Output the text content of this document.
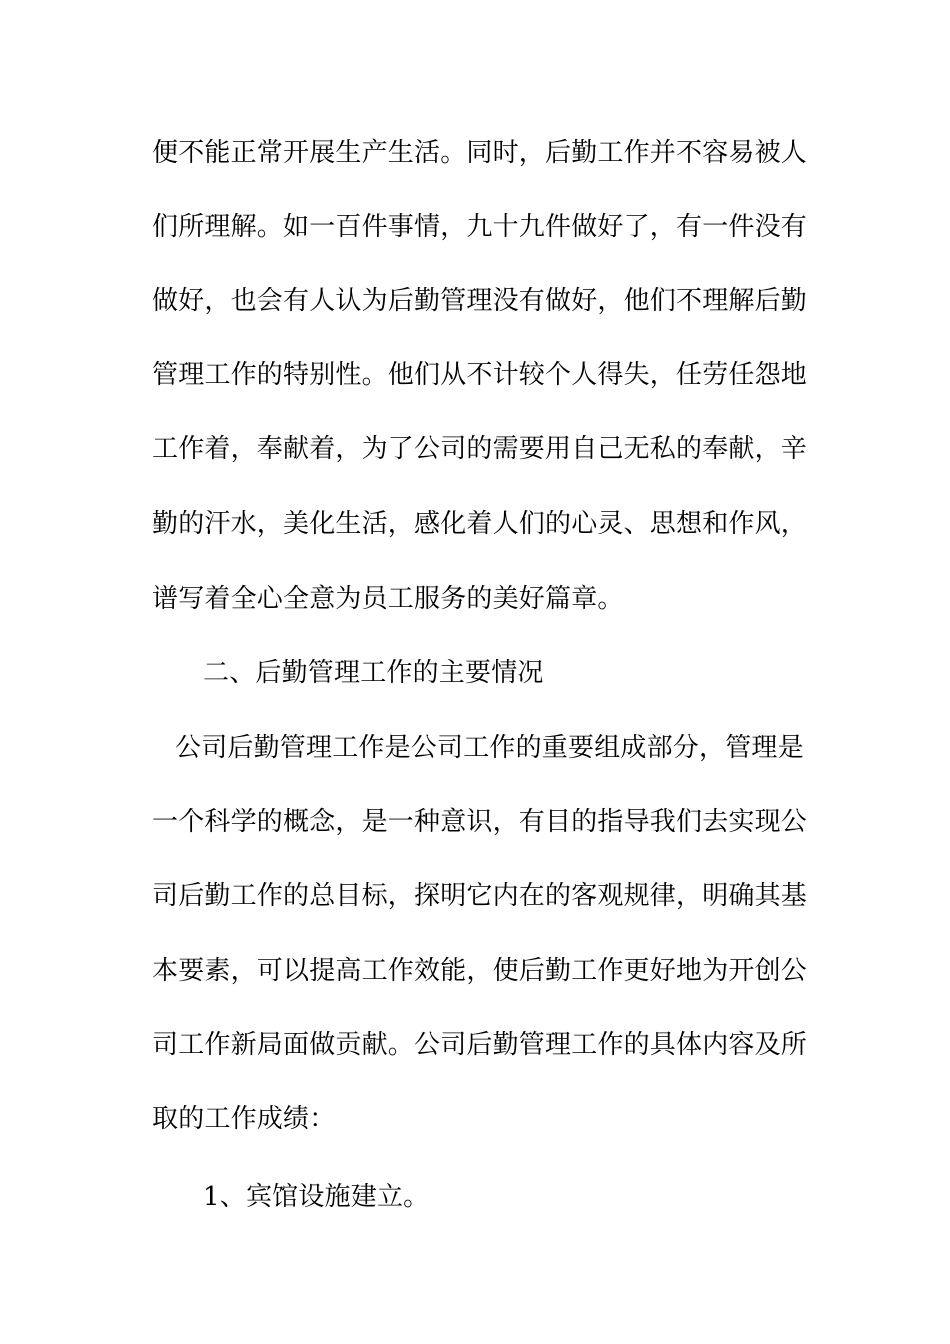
便不能正常开展生产生活。同时，后勤工作并不容易被人
们所理解。如一百件事情，九十九件做好了，有一件没有
做好，也会有人认为后勤管理没有做好，他们不理解后勤
管理工作的特别性。他们从不计较个人得失，任劳任怨地
工作着，奉献着，为了公司的需要用自己无私的奉献，辛
勤的汗水，美化生活，感化着人们的心灵、思想和作风，
谱写着全心全意为员工服务的美好篇章。
二、后勤管理工作的主要情况
公司后勤管理工作是公司工作的重要组成部分，管理是
一个科学的概念，是一种意识，有目的指导我们去实现公
司后勤工作的总目标，探明它内在的客观规律，明确其基
本要素，可以提高工作效能，使后勤工作更好地为开创公
司工作新局面做贡献。公司后勤管理工作的具体内容及所
取的工作成绩：
1、宾馆设施建立。
